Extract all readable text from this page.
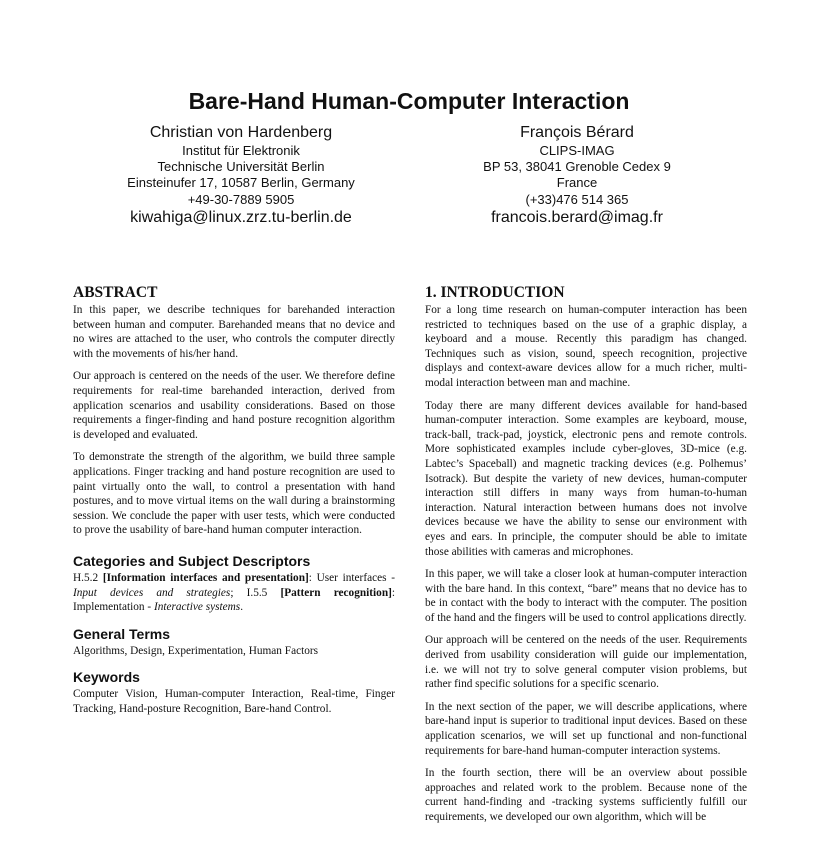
Bare-Hand Human-Computer Interaction
Christian von Hardenberg
Institut für Elektronik
Technische Universität Berlin
Einsteinufer 17, 10587 Berlin, Germany
+49-30-7889 5905
kiwahiga@linux.zrz.tu-berlin.de
François Bérard
CLIPS-IMAG
BP 53, 38041 Grenoble Cedex 9
France
(+33)476 514 365
francois.berard@imag.fr
ABSTRACT

In this paper, we describe techniques for barehanded interaction between human and computer. Barehanded means that no device and no wires are attached to the user, who controls the computer directly with the movements of his/her hand.

Our approach is centered on the needs of the user. We therefore define requirements for real-time barehanded interaction, derived from application scenarios and usability considerations. Based on those requirements a finger-finding and hand posture recognition algorithm is developed and evaluated.

To demonstrate the strength of the algorithm, we build three sample applications. Finger tracking and hand posture recognition are used to paint virtually onto the wall, to control a presentation with hand postures, and to move virtual items on the wall during a brainstorming session. We conclude the paper with user tests, which were conducted to prove the usability of bare-hand human computer interaction.

Categories and Subject Descriptors

H.5.2 [Information interfaces and presentation]: User interfaces -Input devices and strategies; I.5.5 [Pattern recognition]: Implementation - Interactive systems.

General Terms

Algorithms, Design, Experimentation, Human Factors

Keywords

Computer Vision, Human-computer Interaction, Real-time, Finger Tracking, Hand-posture Recognition, Bare-hand Control.

1. INTRODUCTION

For a long time research on human-computer interaction has been restricted to techniques based on the use of a graphic display, a keyboard and a mouse. Recently this paradigm has changed. Techniques such as vision, sound, speech recognition, projective displays and context-aware devices allow for a much richer, multi-modal interaction between man and machine.

Today there are many different devices available for hand-based human-computer interaction. Some examples are keyboard, mouse, track-ball, track-pad, joystick, electronic pens and remote controls. More sophisticated examples include cyber-gloves, 3D-mice (e.g. Labtec’s Spaceball) and magnetic tracking devices (e.g. Polhemus’ Isotrack). But despite the variety of new devices, human-computer interaction still differs in many ways from human-to-human interaction. Natural interaction between humans does not involve devices because we have the ability to sense our environment with eyes and ears. In principle, the computer should be able to imitate those abilities with cameras and microphones.

In this paper, we will take a closer look at human-computer interaction with the bare hand. In this context, “bare” means that no device has to be in contact with the body to interact with the computer. The position of the hand and the fingers will be used to control applications directly.

Our approach will be centered on the needs of the user. Requirements derived from usability consideration will guide our implementation, i.e. we will not try to solve general computer vision problems, but rather find specific solutions for a specific scenario.

In the next section of the paper, we will describe applications, where bare-hand input is superior to traditional input devices. Based on these application scenarios, we will set up functional and non-functional requirements for bare-hand human-computer interaction systems.

In the fourth section, there will be an overview about possible approaches and related work to the problem. Because none of the current hand-finding and -tracking systems sufficiently fulfill our requirements, we developed our own algorithm, which will be
